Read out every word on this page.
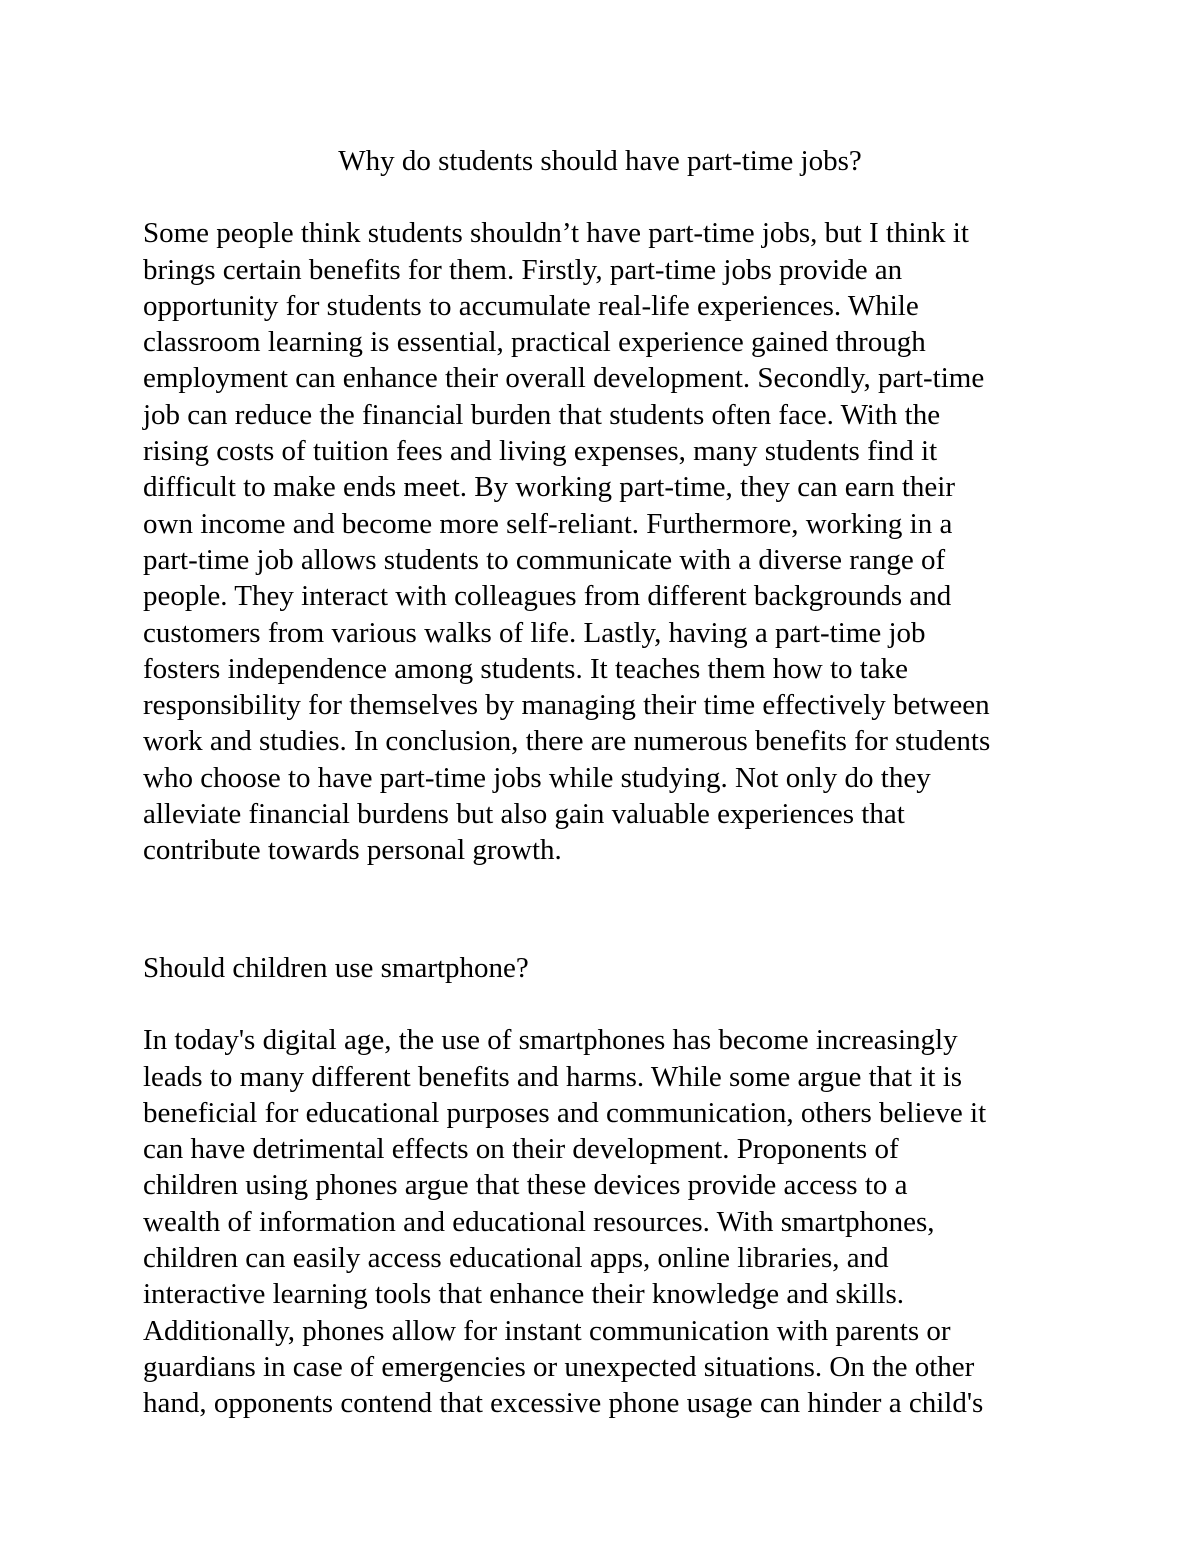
Why do students should have part-time jobs?
Some people think students shouldn’t have part-time jobs, but I think it
brings certain benefits for them. Firstly, part-time jobs provide an
opportunity for students to accumulate real-life experiences. While
classroom learning is essential, practical experience gained through
employment can enhance their overall development. Secondly, part-time
job can reduce the financial burden that students often face. With the
rising costs of tuition fees and living expenses, many students find it
difficult to make ends meet. By working part-time, they can earn their
own income and become more self-reliant. Furthermore, working in a
part-time job allows students to communicate with a diverse range of
people. They interact with colleagues from different backgrounds and
customers from various walks of life. Lastly, having a part-time job
fosters independence among students. It teaches them how to take
responsibility for themselves by managing their time effectively between
work and studies. In conclusion, there are numerous benefits for students
who choose to have part-time jobs while studying. Not only do they
alleviate financial burdens but also gain valuable experiences that
contribute towards personal growth.
Should children use smartphone?
In today's digital age, the use of smartphones has become increasingly
leads to many different benefits and harms. While some argue that it is
beneficial for educational purposes and communication, others believe it
can have detrimental effects on their development. Proponents of
children using phones argue that these devices provide access to a
wealth of information and educational resources. With smartphones,
children can easily access educational apps, online libraries, and
interactive learning tools that enhance their knowledge and skills.
Additionally, phones allow for instant communication with parents or
guardians in case of emergencies or unexpected situations. On the other
hand, opponents contend that excessive phone usage can hinder a child's
